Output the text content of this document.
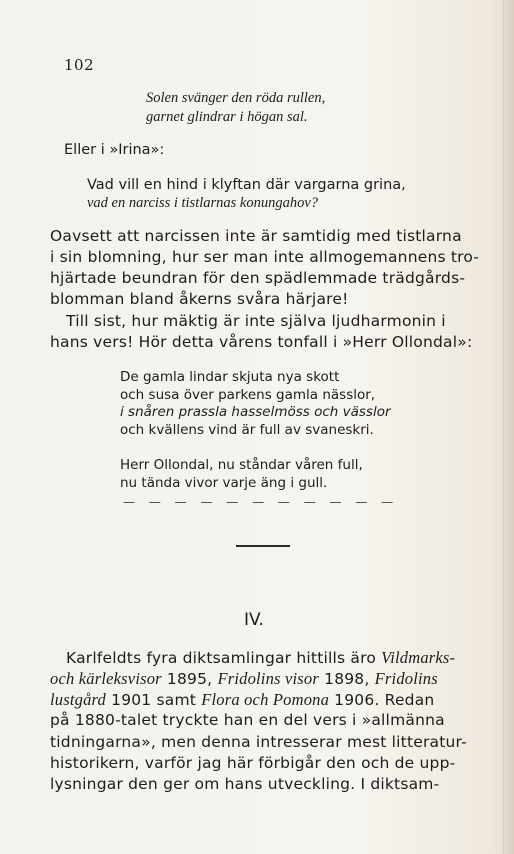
102
Solen svänger den röda rullen,
garnet glindrar i högan sal.
Eller i »Irina»:
Vad vill en hind i klyftan där vargarna grina,
vad en narciss i tistlarnas konungahov?
Oavsett att narcissen inte är samtidig med tistlarna
i sin blomning, hur ser man inte allmogemannens tro-
hjärtade beundran för den spädlemmade trädgårds-
blomman bland åkerns svåra härjare!
Till sist, hur mäktig är inte själva ljudharmonin i
hans vers! Hör detta vårens tonfall i »Herr Ollondal»:
De gamla lindar skjuta nya skott
och susa över parkens gamla nässlor,
i snåren prassla hasselmöss och vässlor
och kvällens vind är full av svaneskri.
Herr Ollondal, nu ståndar våren full,
nu tända vivor varje äng i gull.
— — — — — — — — — — —
IV.
Karlfeldts fyra diktsamlingar hittills äro Vildmarks-
och kärleksvisor 1895, Fridolins visor 1898, Fridolins
lustgård 1901 samt Flora och Pomona 1906. Redan
på 1880-talet tryckte han en del vers i »allmänna
tidningarna», men denna intresserar mest litteratur-
historikern, varför jag här förbigår den och de upp-
lysningar den ger om hans utveckling. I diktsam-
